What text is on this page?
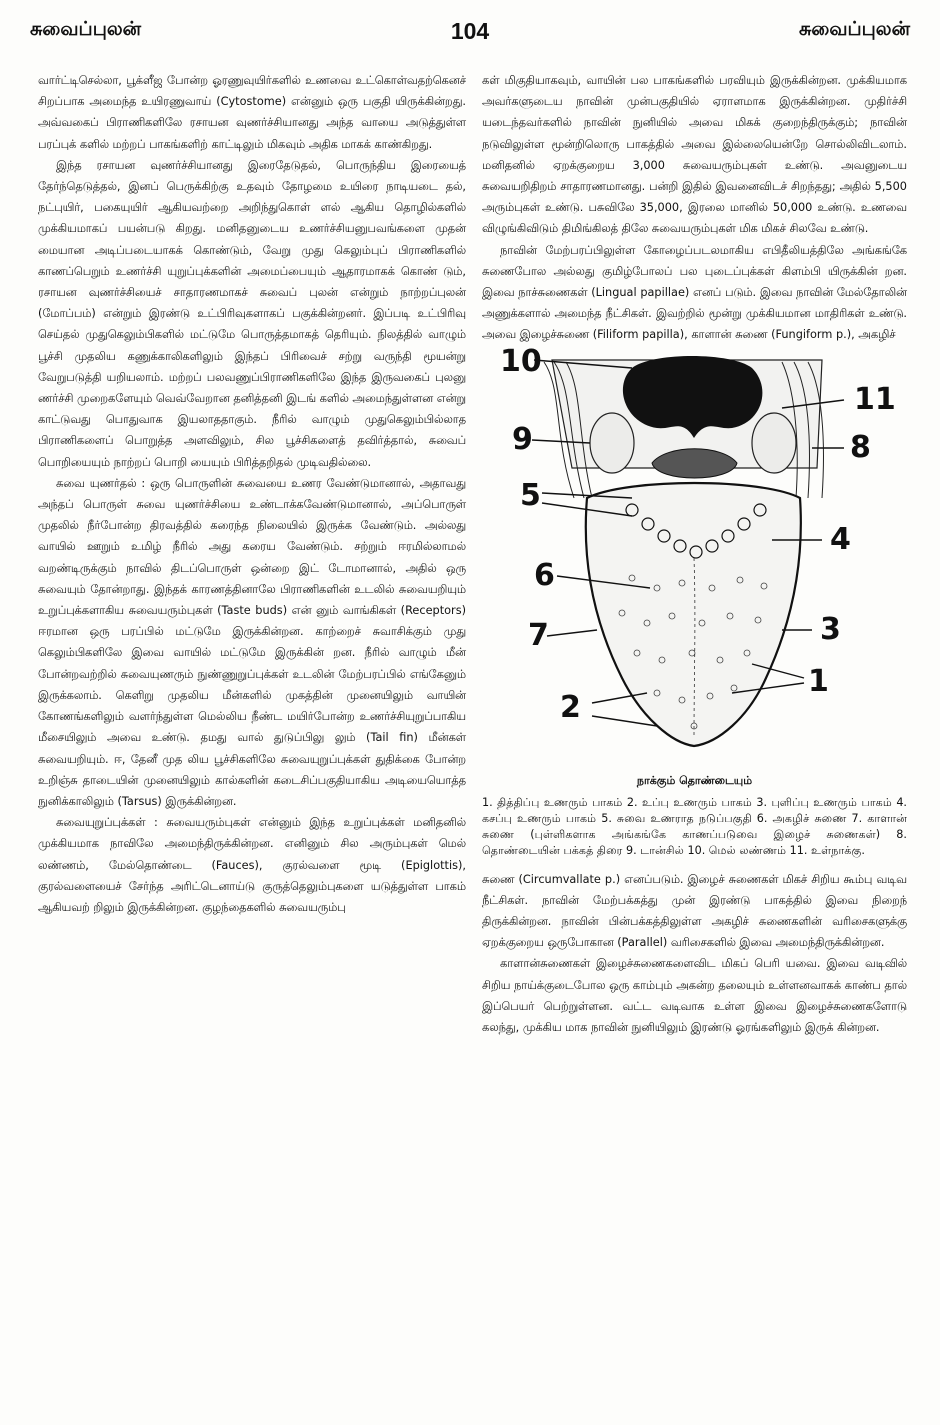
சுவைப்புலன்	104	சுவைப்புலன்

வார்ட்டிசெல்லா, பூக்ளீஜ போன்ற ஓரணுவுயிர்களில் உணவை உட்கொள்வதற்கெனச் சிறப்பாக அமைந்த உயிரணுவாய் (Cytostome) என்னும் ஒரு பகுதி யிருக்கின்றது. அவ்வகைப் பிராணிகளிலே ரசாயன வுணர்ச்சியானது அந்த வாயை அடுத்துள்ள பரப்புக் களில் மற்றப் பாகங்களிற் காட்டிலும் மிகவும் அதிக மாகக் காண்கிறது.

இந்த ரசாயன வுணர்ச்சியானது இரைதேடுதல், பொருந்திய இரையைத் தேர்ந்தெடுத்தல், இனப் பெருக்கிற்கு உதவும் தோழமை உயிரை நாடியடை தல், நட்புயிர், பகையுயிர் ஆகியவற்றை அறிந்துகொள் ளல் ஆகிய தொழில்களில் முக்கியமாகப் பயன்படு கிறது. மனிதனுடைய உணர்ச்சியனுபவங்களை முதன் மையான அடிப்படையாகக் கொண்டும், வேறு முது கெலும்புப் பிராணிகளில் காணப்பெறும் உணர்ச்சி யுறுப்புக்களின் அமைப்பையும் ஆதாரமாகக் கொண் டும், ரசாயன வுணர்ச்சியைச் சாதாரணமாகச் சுவைப் புலன் என்றும் நாற்றப்புலன் (மோப்பம்) என்றும் இரண்டு உட்பிரிவுகளாகப் பகுக்கின்றனர். இப்படி உட்பிரிவு செய்தல் முதுகெலும்பிகளில் மட்டுமே பொருத்தமாகத் தெரியும். நிலத்தில் வாழும் பூச்சி முதலிய கணுக்காலிகளிலும் இந்தப் பிரிவைச் சற்று வருந்தி மூயன்று வேறுபடுத்தி யறியலாம். மற்றப் பலவணுப்பிராணிகளிலே இந்த இருவகைப் புலனு ணர்ச்சி முறைகளேயும் வெவ்வேறான தனித்தனி இடங் களில் அமைந்துள்ளன என்று காட்டுவது பொதுவாக இயலாததாகும். நீரில் வாழும் முதுகெலும்பில்லாத பிராணிகளைப் பொறுத்த அளவிலும், சில பூச்சிகளைத் தவிர்த்தால், சுவைப் பொறியையும் நாற்றப் பொறி யையும் பிரித்தறிதல் முடிவதில்லை.

சுவை யுணர்தல் : ஒரு பொருளின் சுவையை உணர வேண்டுமானால், அதாவது அந்தப் பொருள் சுவை யுணர்ச்சியை உண்டாக்கவேண்டுமானால், அப்பொருள் முதலில் நீர்போன்ற திரவத்தில் கரைந்த நிலையில் இருக்க வேண்டும். அல்லது வாயில் ஊறும் உமிழ் நீரில் அது கரைய வேண்டும். சற்றும் ஈரமில்லாமல் வறண்டிருக்கும் நாவில் திடப்பொருள் ஒன்றை இட் டோமானால், அதில் ஒரு சுவையும் தோன்றாது. இந்தக் காரணத்தினாலே பிராணிகளின் உடலில் சுவையறியும் உறுப்புக்களாகிய சுவையரும்புகள் (Taste buds) என் னும் வாங்கிகள் (Receptors) ஈரமான ஒரு பரப்பில் மட்டுமே இருக்கின்றன. காற்றைச் சுவாசிக்கும் முது கெலும்பிகளிலே இவை வாயில் மட்டுமே இருக்கின் றன. நீரில் வாழும் மீன் போன்றவற்றில் சுவையுணரும் நுண்ணுறுப்புக்கள் உடலின் மேற்பரப்பில் எங்கேனும் இருக்கலாம். கெளிறு முதலிய மீன்களில் முகத்தின் முனையிலும் வாயின் கோணங்களிலும் வளர்ந்துள்ள மெல்லிய நீண்ட மயிர்போன்ற உணர்ச்சியுறுப்பாகிய மீசையிலும் அவை உண்டு. தமது வால் துடுப்பிலு லும் (Tail fin) மீன்கள் சுவையறியும். ஈ, தேனீ முத லிய பூச்சிகளிலே சுவையுறுப்புக்கள் துதிக்கை போன்ற உறிஞ்சு தாடையின் முனையிலும் கால்களின் கடைசிப்பகுதியாகிய அடியையொத்த நுனிக்காலிலும் (Tarsus) இருக்கின்றன.

சுவையுறுப்புக்கள் : சுவையரும்புகள் என்னும் இந்த உறுப்புக்கள் மனிதனில் முக்கியமாக நாவிலே அமைந்திருக்கின்றன. எனினும் சில அரும்புகள் மெல் லண்ணம், மேல்தொண்டை (Fauces), குரல்வளை மூடி (Epiglottis), குரல்வளையைச் சேர்ந்த அரிட்டெனாய்டு குருத்தெலும்புகளை யடுத்துள்ள பாகம் ஆகியவற் றிலும் இருக்கின்றன. குழந்தைகளில் சுவையரும்பு

கள் மிகுதியாகவும், வாயின் பல பாகங்களில் பரவியும் இருக்கின்றன. முக்கியமாக அவர்களுடைய நாவின் முன்பகுதியில் ஏராளமாக இருக்கின்றன. முதிர்ச்சி யடைந்தவர்களில் நாவின் நுனியில் அவை மிகக் குறைந்திருக்கும்; நாவின் நடுவிலுள்ள மூன்றிலொரு பாகத்தில் அவை இல்லையென்றே சொல்லிவிடலாம். மனிதனில் ஏறக்குறைய 3,000 சுவையரும்புகள் உண்டு. அவனுடைய சுவையறிதிறம் சாதாரணமானது. பன்றி இதில் இவனைவிடச் சிறந்தது; அதில் 5,500 அரும்புகள் உண்டு. பசுவிலே 35,000, இரலை மானில் 50,000 உண்டு. உணவை விழுங்கிவிடும் திமிங்கிலத் திலே சுவையரும்புகள் மிக மிகச் சிலவே உண்டு.

நாவின் மேற்பரப்பிலுள்ள கோழைப்படலமாகிய எபிதீலியத்திலே அங்கங்கே சுணைபோல அல்லது குமிழ்போலப் பல புடைப்புக்கள் கிளம்பி யிருக்கின் றன. இவை நாச்சுணைகள் (Lingual papillae) எனப் படும். இவை நாவின் மேல்தோலின் அணுக்களால் அமைந்த நீட்சிகள். இவற்றில் மூன்று முக்கியமான மாதிரிகள் உண்டு. அவை இழைச்சுணை (Filiform papilla), காளான் சுணை (Fungiform p.), அகழிச்

10
11
9	8
5
4
6
7	3
1
2
நாக்கும் தொண்டையும்

1. தித்திப்பு உணரும் பாகம் 2. உப்பு உணரும் பாகம் 3. புளிப்பு உணரும் பாகம் 4. கசப்பு உணரும் பாகம் 5. சுவை உணராத நடுப்பகுதி 6. அகழிச் சுணை 7. காளான் சுணை (புள்ளிகளாக அங்கங்கே காணப்படுவை இழைச் சுணைகள்) 8. தொண்டையின் பக்கத் திரை 9. டான்சில் 10. மெல் லண்ணம் 11. உள்நாக்கு.

சுணை (Circumvallate p.) எனப்படும். இழைச் சுணைகள் மிகச் சிறிய கூம்பு வடிவ நீட்சிகள். நாவின் மேற்பக்கத்து முன் இரண்டு பாகத்தில் இவை நிறைந் திருக்கின்றன. நாவின் பின்பக்கத்திலுள்ள அகழிச் சுணைகளின் வரிசைகளுக்கு ஏறக்குறைய ஒருபோகான (Parallel) வரிசைகளில் இவை அமைந்திருக்கின்றன.

காளான்சுணைகள் இழைச்சுணைகளைவிட மிகப் பெரி யவை. இவை வடிவில் சிறிய நாய்க்குடைபோல ஒரு காம்பும் அகன்ற தலையும் உள்ளனவாகக் காண்ப தால் இப்பெயர் பெற்றுள்ளன. வட்ட வடிவாக உள்ள இவை இழைச்சுணைகளோடு கலந்து, முக்கிய மாக நாவின் நுனியிலும் இரண்டு ஓரங்களிலும் இருக் கின்றன.
